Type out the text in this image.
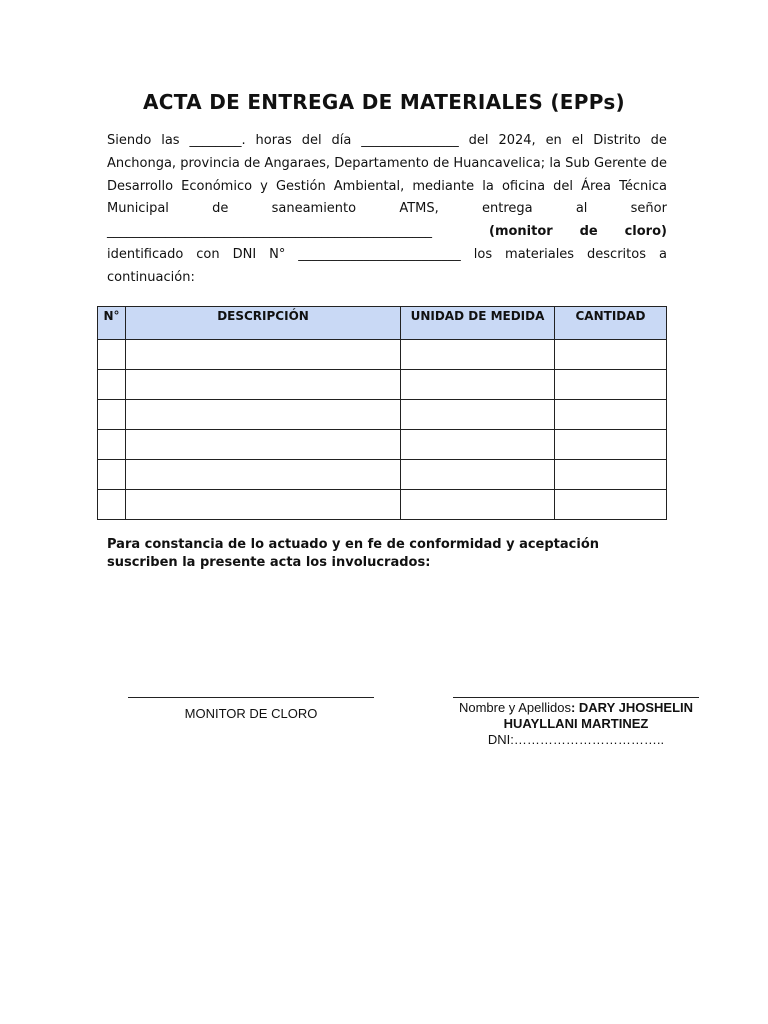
ACTA DE ENTREGA DE MATERIALES (EPPs)
Siendo las ________. horas del día _______________ del 2024, en el Distrito de
Anchonga, provincia de Angaraes, Departamento de Huancavelica; la Sub Gerente de
Desarrollo Económico y Gestión Ambiental, mediante la oficina del Área Técnica
Municipal	de	saneamiento	ATMS,	entrega	al	señor
__________________________________________________	(monitor de cloro)
identificado con DNI N° _________________________ los materiales descritos a
continuación:
N°	DESCRIPCIÓN	UNIDAD DE MEDIDA	CANTIDAD

Para constancia de lo actuado y en fe de conformidad y aceptación suscriben la presente acta los involucrados:
MONITOR DE CLORO	Nombre y Apellidos: DARY JHOSHELIN
HUAYLLANI MARTINEZ
DNI:……………………………..
